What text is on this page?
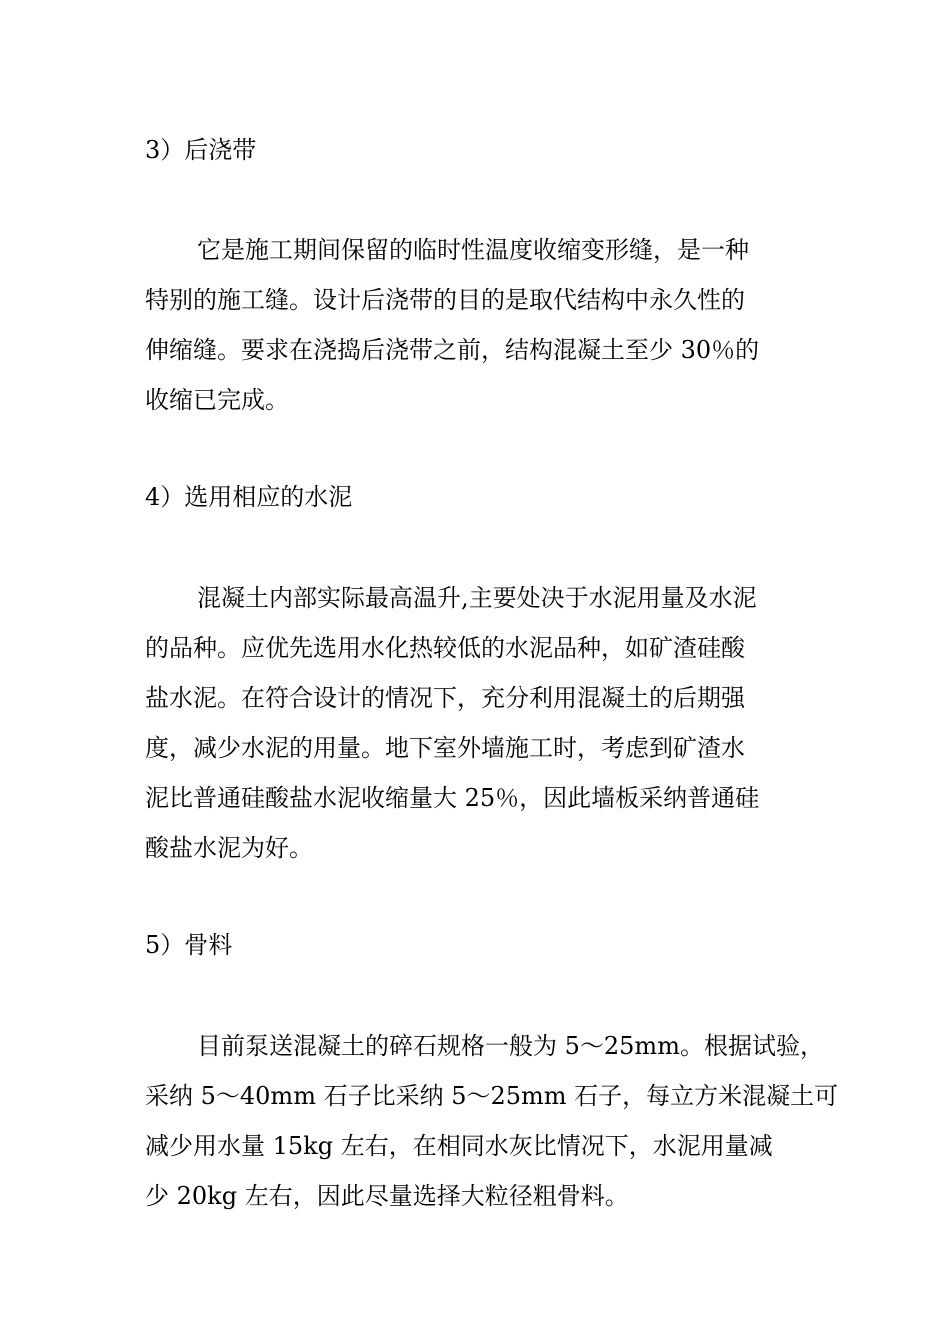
3）后浇带
它是施工期间保留的临时性温度收缩变形缝，是一种
特别的施工缝。设计后浇带的目的是取代结构中永久性的
伸缩缝。要求在浇捣后浇带之前，结构混凝土至少 30％的
收缩已完成。
4）选用相应的水泥
混凝土内部实际最高温升,主要处决于水泥用量及水泥
的品种。应优先选用水化热较低的水泥品种，如矿渣硅酸
盐水泥。在符合设计的情况下，充分利用混凝土的后期强
度，减少水泥的用量。地下室外墙施工时，考虑到矿渣水
泥比普通硅酸盐水泥收缩量大 25％，因此墙板采纳普通硅
酸盐水泥为好。
5）骨料
目前泵送混凝土的碎石规格一般为 5～25mm。根据试验，
采纳 5～40mm 石子比采纳 5～25mm 石子，每立方米混凝土可
减少用水量 15kg 左右，在相同水灰比情况下，水泥用量减
少 20kg 左右，因此尽量选择大粒径粗骨料。
